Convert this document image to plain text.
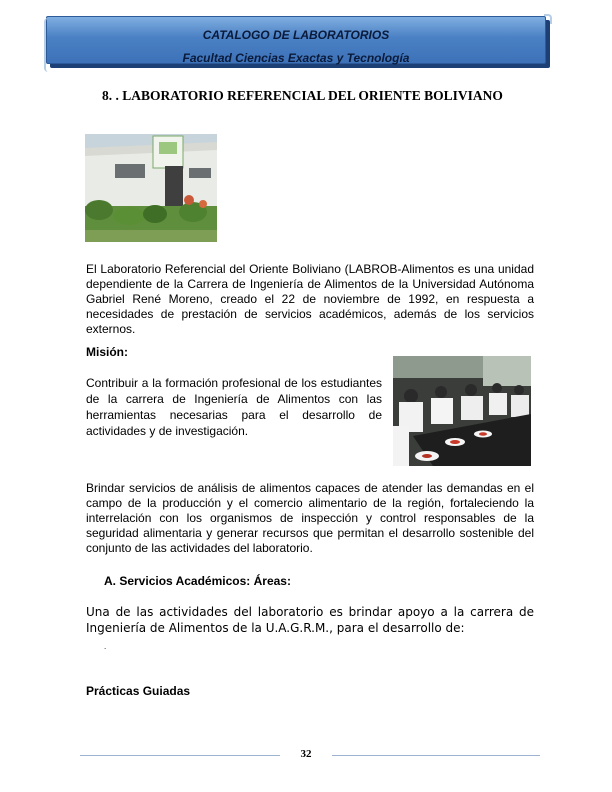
CATALOGO DE LABORATORIOS
Facultad Ciencias Exactas y Tecnología
8. . LABORATORIO REFERENCIAL DEL ORIENTE BOLIVIANO
El Laboratorio Referencial del Oriente Boliviano (LABROB-Alimentos es una unidad dependiente de la Carrera de Ingeniería de Alimentos de la Universidad Autónoma Gabriel René Moreno, creado el 22 de noviembre de 1992, en respuesta a necesidades de prestación de servicios académicos, además de los servicios externos.
Misión:
Contribuir a la formación profesional de los estudiantes de la carrera de Ingeniería de Alimentos con las herramientas necesarias para el desarrollo de actividades y de investigación.
Brindar servicios de análisis de alimentos capaces de atender las demandas en el campo de la producción y el comercio alimentario de la región, fortaleciendo la interrelación con los organismos de inspección y control responsables de la seguridad alimentaria y generar recursos que permitan el desarrollo sostenible del conjunto de las actividades del laboratorio.
A. Servicios Académicos: Áreas:
Una de las actividades del laboratorio es brindar apoyo a la carrera de Ingeniería de Alimentos de la U.A.G.R.M., para el desarrollo de:
.
Prácticas Guiadas
32
